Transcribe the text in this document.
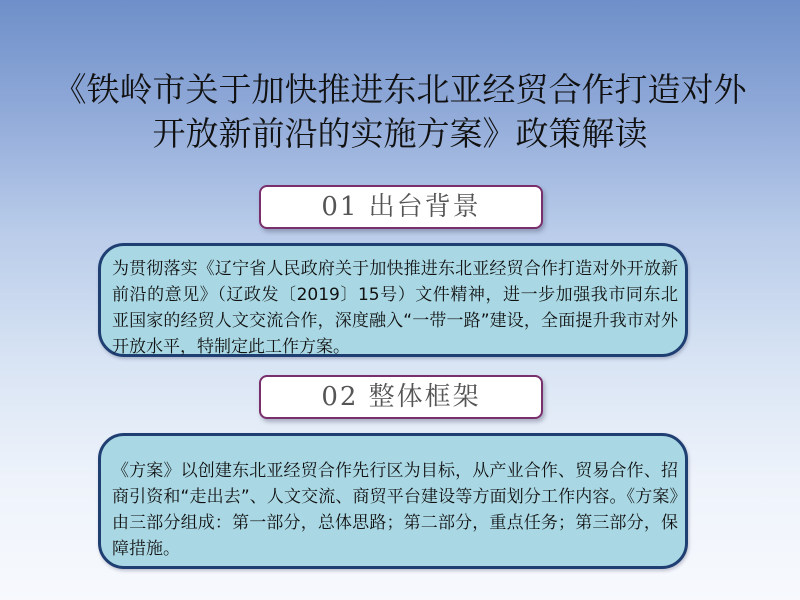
《铁岭市关于加快推进东北亚经贸合作打造对外开放新前沿的实施方案》政策解读
01 出台背景
为贯彻落实《辽宁省人民政府关于加快推进东北亚经贸合作打造对外开放新前沿的意见》（辽政发〔2019〕15号）文件精神，进一步加强我市同东北亚国家的经贸人文交流合作，深度融入“一带一路”建设，全面提升我市对外开放水平，特制定此工作方案。
02 整体框架
《方案》以创建东北亚经贸合作先行区为目标，从产业合作、贸易合作、招商引资和“走出去”、人文交流、商贸平台建设等方面划分工作内容。《方案》由三部分组成：第一部分，总体思路；第二部分，重点任务；第三部分，保障措施。
